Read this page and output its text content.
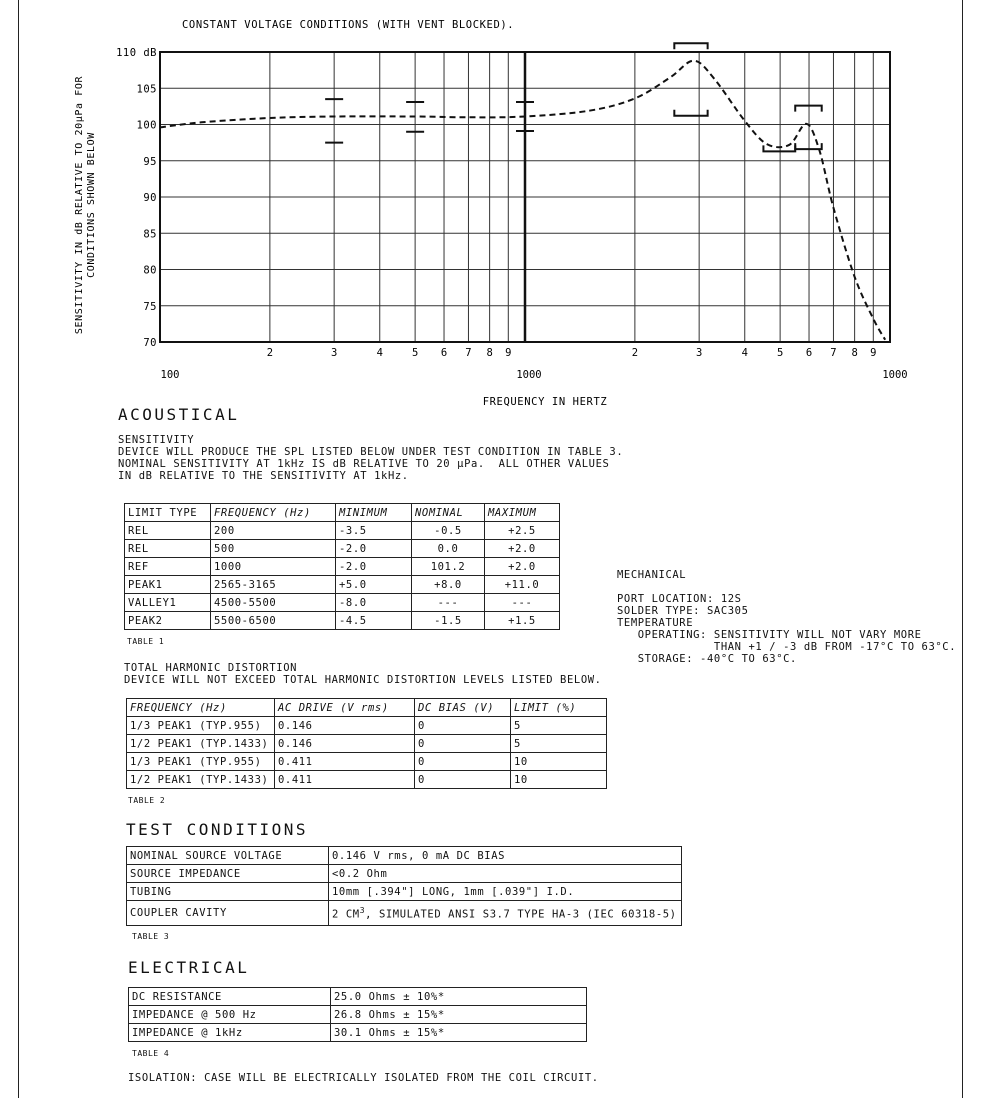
CONSTANT VOLTAGE CONDITIONS (WITH VENT BLOCKED).
110 dB
105
100
95
90
85
80
75
70
2	3	4	5 6 7 8 9	2	3	4	5 6 7 8 9
100	1000	1000
FREQUENCY IN HERTZ
SENSITIVITY IN dB RELATIVE TO 20µPa FOR CONDITIONS SHOWN BELOW
ACOUSTICAL
SENSITIVITY
DEVICE WILL PRODUCE THE SPL LISTED BELOW UNDER TEST CONDITION IN TABLE 3.
NOMINAL SENSITIVITY AT 1kHz IS dB RELATIVE TO 20 µPa.  ALL OTHER VALUES
IN dB RELATIVE TO THE SENSITIVITY AT 1kHz.
LIMIT TYPE	FREQUENCY (Hz)	MINIMUM	NOMINAL	MAXIMUM
REL	200	-3.5	-0.5	+2.5
REL	500	-2.0	0.0	+2.0
REF	1000	-2.0	101.2	+2.0
PEAK1	2565-3165	+5.0	+8.0	+11.0
VALLEY1	4500-5500	-8.0	---	---
PEAK2	5500-6500	-4.5	-1.5	+1.5
TABLE 1
TOTAL HARMONIC DISTORTION
DEVICE WILL NOT EXCEED TOTAL HARMONIC DISTORTION LEVELS LISTED BELOW.
FREQUENCY (Hz)	AC DRIVE (V rms)	DC BIAS (V)	LIMIT (%)
1/3 PEAK1 (TYP.955)	0.146	0	5
1/2 PEAK1 (TYP.1433)	0.146	0	5
1/3 PEAK1 (TYP.955)	0.411	0	10
1/2 PEAK1 (TYP.1433)	0.411	0	10
TABLE 2
TEST CONDITIONS
NOMINAL SOURCE VOLTAGE	0.146 V rms, 0 mA DC BIAS
SOURCE IMPEDANCE	<0.2 Ohm
TUBING	10mm [.394"] LONG, 1mm [.039"] I.D.
COUPLER CAVITY	2 $CM^3$, SIMULATED ANSI S3.7 TYPE HA-3 (IEC 60318-5)
TABLE 3
ELECTRICAL
DC RESISTANCE	25.0 Ohms ± 10%*
IMPEDANCE @ 500 Hz	26.8 Ohms ± 15%*
IMPEDANCE @ 1kHz	30.1 Ohms ± 15%*
TABLE 4
ISOLATION: CASE WILL BE ELECTRICALLY ISOLATED FROM THE COIL CIRCUIT.
MECHANICAL
PORT LOCATION: 12S
SOLDER TYPE: SAC305
TEMPERATURE
OPERATING: SENSITIVITY WILL NOT VARY MORE
THAN +1 / -3 dB FROM -17°C TO 63°C.
STORAGE: -40°C TO 63°C.
